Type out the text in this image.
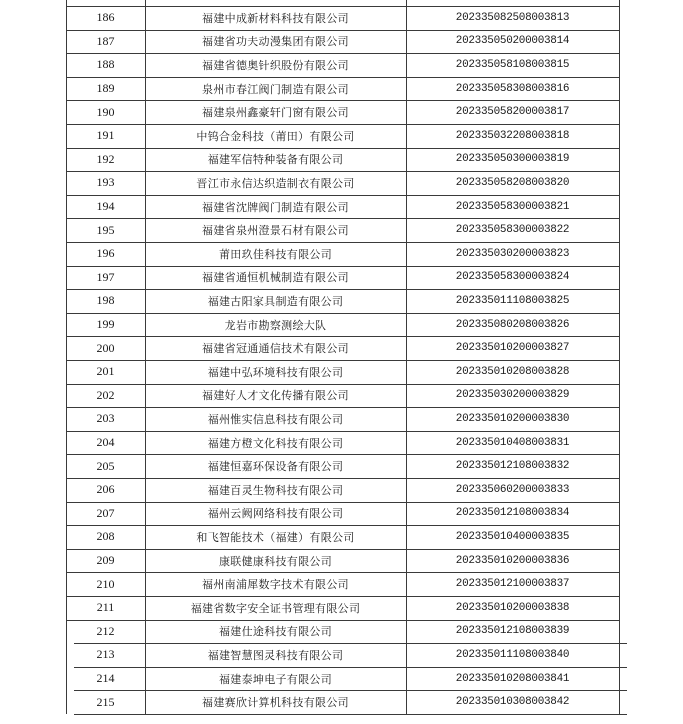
186	福建中成新材料科技有限公司	202335082508003813
187	福建省功夫动漫集团有限公司	202335050200003814
188	福建省德奥针织股份有限公司	202335058108003815
189	泉州市春江阀门制造有限公司	202335058308003816
190	福建泉州鑫豪轩门窗有限公司	202335058200003817
191	中钨合金科技（莆田）有限公司	202335032208003818
192	福建军信特种装备有限公司	202335050300003819
193	晋江市永信达织造制衣有限公司	202335058208003820
194	福建省沈牌阀门制造有限公司	202335058300003821
195	福建省泉州澄景石材有限公司	202335058300003822
196	莆田玖佳科技有限公司	202335030200003823
197	福建省通恒机械制造有限公司	202335058300003824
198	福建古阳家具制造有限公司	202335011108003825
199	龙岩市勘察测绘大队	202335080208003826
200	福建省冠通通信技术有限公司	202335010200003827
201	福建中弘环境科技有限公司	202335010208003828
202	福建好人才文化传播有限公司	202335030200003829
203	福州惟实信息科技有限公司	202335010200003830
204	福建方橙文化科技有限公司	202335010408003831
205	福建恒嘉环保设备有限公司	202335012108003832
206	福建百灵生物科技有限公司	202335060200003833
207	福州云阙网络科技有限公司	202335012108003834
208	和飞智能技术（福建）有限公司	202335010400003835
209	康联健康科技有限公司	202335010200003836
210	福州南浦犀数字技术有限公司	202335012100003837
211	福建省数字安全证书管理有限公司	202335010200003838
212	福建仕途科技有限公司	202335012108003839
213	福建智慧图灵科技有限公司	202335011108003840
214	福建泰坤电子有限公司	202335010208003841
215	福建赛欣计算机科技有限公司	202335010308003842
